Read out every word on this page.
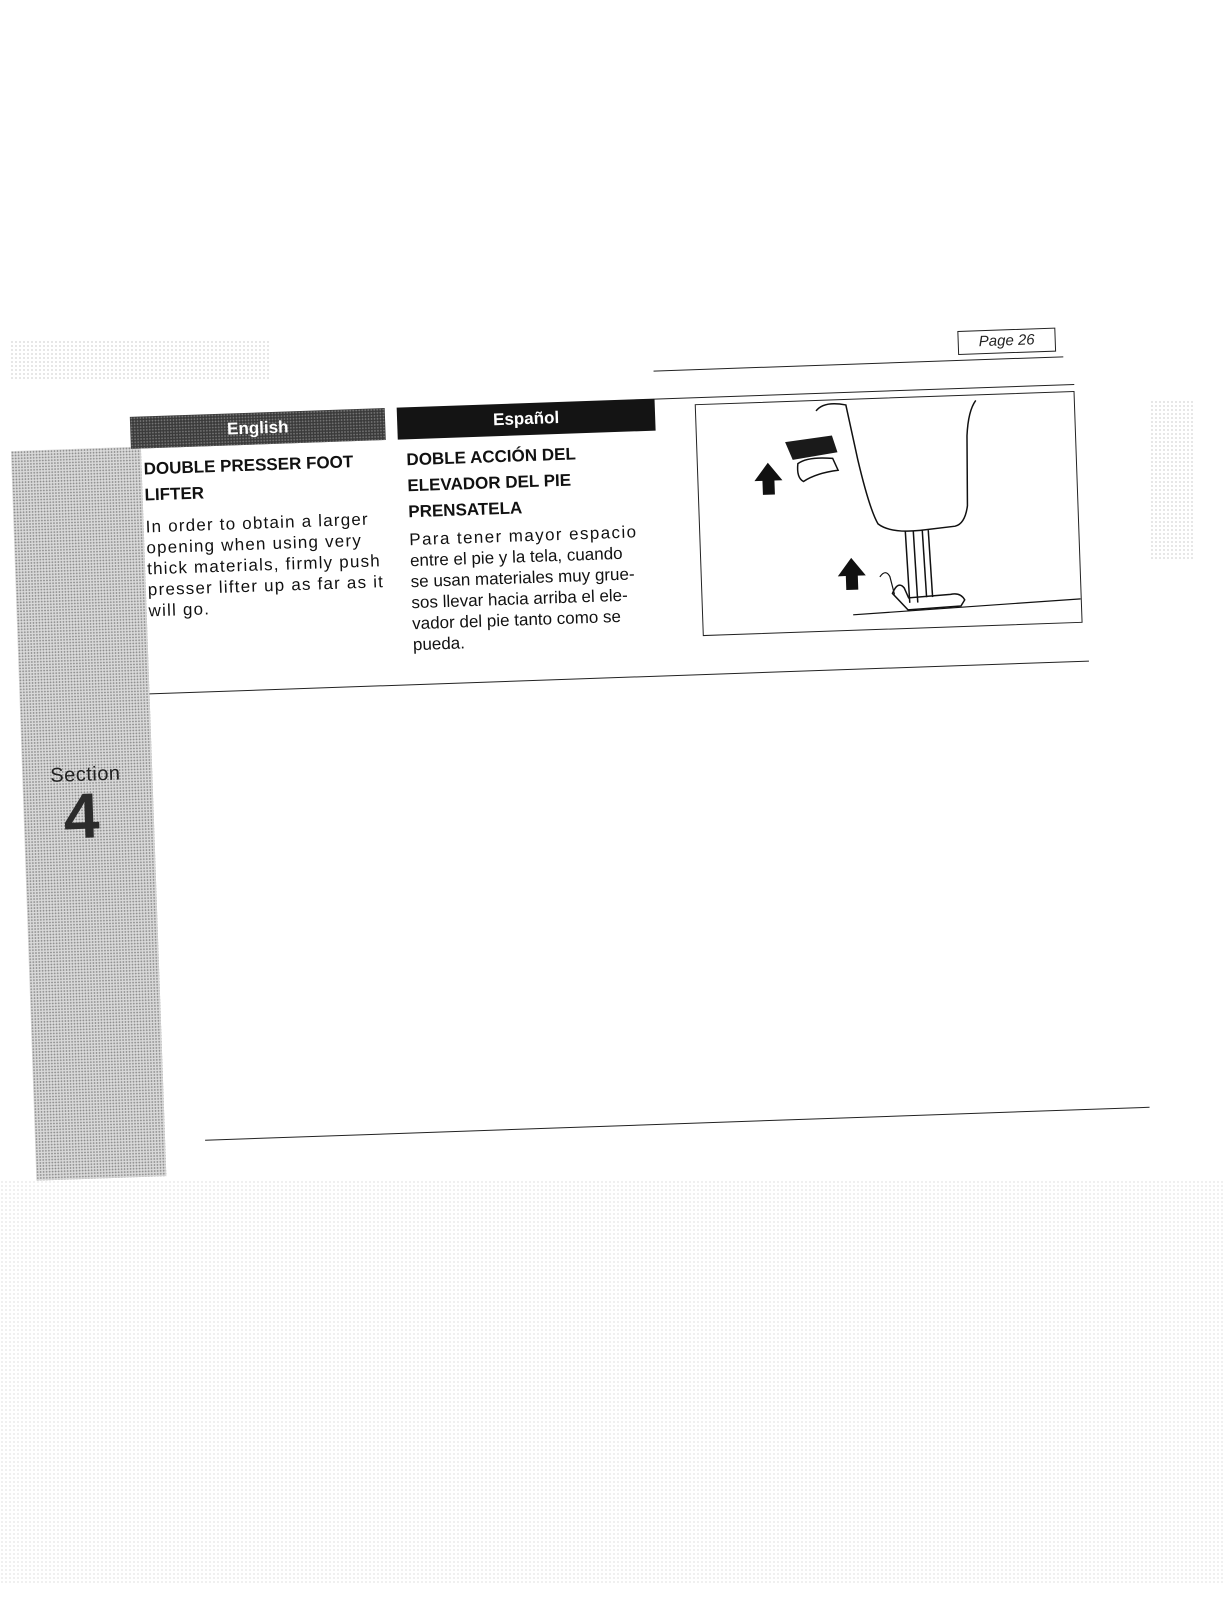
Section
4
Page 26
English	Español
DOUBLE PRESSER FOOT
LIFTER
In order to obtain a larger
opening when using very
thick materials, firmly push
presser lifter up as far as it
will go.
DOBLE ACCIÓN DEL
ELEVADOR DEL PIE
PRENSATELA
Para tener mayor espacio
entre el pie y la tela, cuando
se usan materiales muy grue-
sos llevar hacia arriba el ele-
vador del pie tanto como se
pueda.
